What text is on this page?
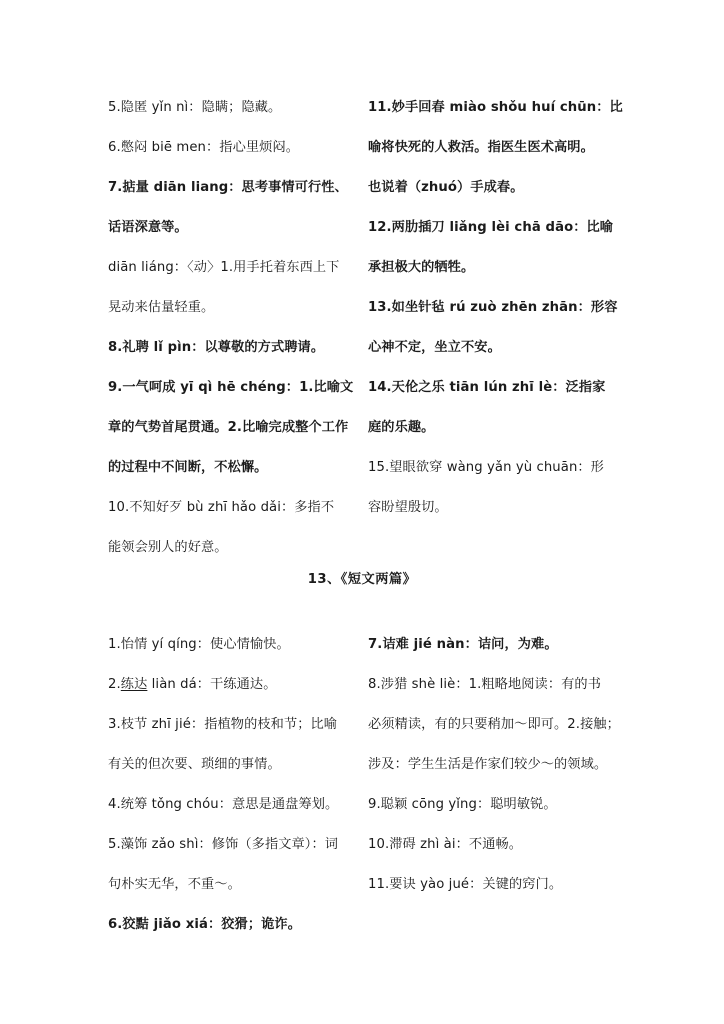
5.隐匿 yǐn nì：隐瞒；隐藏。
6.憋闷 biē men：指心里烦闷。
7.掂量 diān liang：思考事情可行性、
话语深意等。
diān liáng：〈动〉1.用手托着东西上下
晃动来估量轻重。
8.礼聘 lǐ pìn：以尊敬的方式聘请。
9.一气呵成 yī qì hē chéng：1.比喻文
章的气势首尾贯通。2.比喻完成整个工作
的过程中不间断，不松懈。
10.不知好歹 bù zhī hǎo dǎi：多指不
能领会别人的好意。
11.妙手回春 miào shǒu huí chūn：比
喻将快死的人救活。指医生医术高明。
也说着（zhuó）手成春。
12.两肋插刀 liǎng lèi chā dāo：比喻
承担极大的牺牲。
13.如坐针毡 rú zuò zhēn zhān：形容
心神不定，坐立不安。
14.天伦之乐 tiān lún zhī lè：泛指家
庭的乐趣。
15.望眼欲穿 wàng yǎn yù chuān：形
容盼望殷切。
13、《短文两篇》
1.怡情 yí qíng：使心情愉快。
2.练达 liàn dá：干练通达。
3.枝节 zhī jié：指植物的枝和节；比喻
有关的但次要、琐细的事情。
4.统筹 tǒng chóu：意思是通盘筹划。
5.藻饰 zǎo shì：修饰（多指文章）：词
句朴实无华，不重～。
6.狡黠 jiǎo xiá：狡猾；诡诈。
7.诘难 jié nàn：诘问，为难。
8.涉猎 shè liè：1.粗略地阅读：有的书
必须精读，有的只要稍加～即可。2.接触；
涉及：学生生活是作家们较少～的领域。
9.聪颖 cōng yǐng：聪明敏锐。
10.滞碍 zhì ài：不通畅。
11.要诀 yào jué：关键的窍门。
